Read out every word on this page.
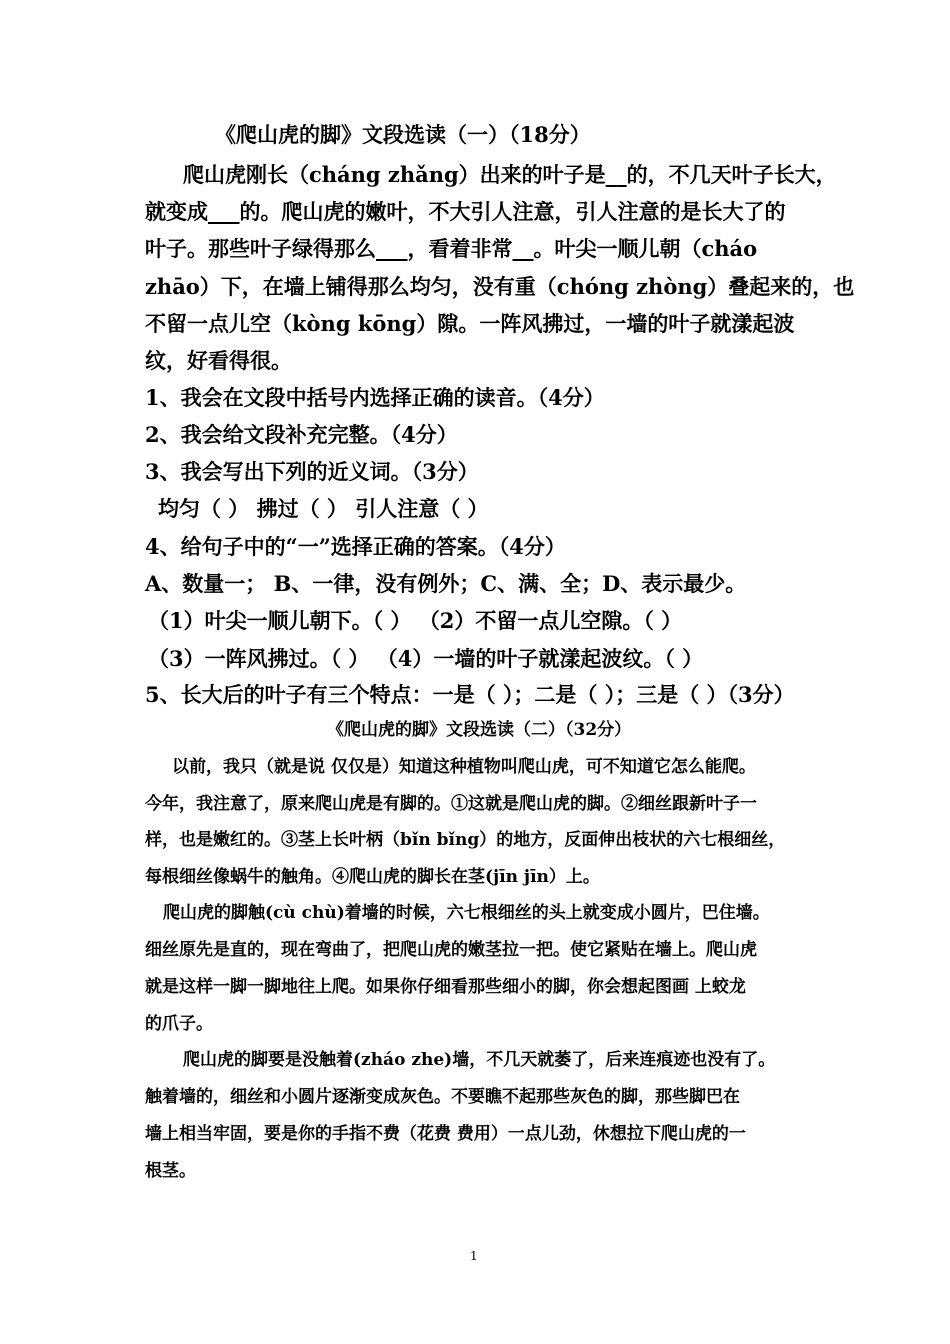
《爬山虎的脚》文段选读（一）（18分）
爬山虎刚长（cháng zhǎng）出来的叶子是__的，不几天叶子长大，
就变成___的。爬山虎的嫩叶，不大引人注意，引人注意的是长大了的
叶子。那些叶子绿得那么___，看着非常__。叶尖一顺儿朝（cháo
zhāo）下，在墙上铺得那么均匀，没有重（chóng zhòng）叠起来的，也
不留一点儿空（kòng kōng）隙。一阵风拂过，一墙的叶子就漾起波
纹，好看得很。
1、我会在文段中括号内选择正确的读音。（4分）
2、我会给文段补充完整。（4分）
3、我会写出下列的近义词。（3分）
均匀（ ） 拂过（ ） 引人注意（ ）
4、给句子中的“一”选择正确的答案。（4分）
A、数量一； B、一律，没有例外；C、满、全；D、表示最少。
（1）叶尖一顺儿朝下。（ ） （2）不留一点儿空隙。（ ）
（3）一阵风拂过。（ ） （4）一墙的叶子就漾起波纹。（ ）
5、长大后的叶子有三个特点：一是（ ）；二是（ ）；三是（ ）（3分）
《爬山虎的脚》文段选读（二）（32分）
以前，我只（就是说 仅仅是）知道这种植物叫爬山虎，可不知道它怎么能爬。
今年，我注意了，原来爬山虎是有脚的。①这就是爬山虎的脚。②细丝跟新叶子一
样，也是嫩红的。③茎上长叶柄（bǐn bǐng）的地方，反面伸出枝状的六七根细丝，
每根细丝像蜗牛的触角。④爬山虎的脚长在茎(jīn jīn）上。
爬山虎的脚触(cù chù)着墙的时候，六七根细丝的头上就变成小圆片，巴住墙。
细丝原先是直的，现在弯曲了，把爬山虎的嫩茎拉一把。使它紧贴在墙上。爬山虎
就是这样一脚一脚地往上爬。如果你仔细看那些细小的脚，你会想起图画 上蛟龙
的爪子。
爬山虎的脚要是没触着(zháo zhe)墙，不几天就萎了，后来连痕迹也没有了。
触着墙的，细丝和小圆片逐渐变成灰色。不要瞧不起那些灰色的脚，那些脚巴在
墙上相当牢固，要是你的手指不费（花费 费用）一点儿劲，休想拉下爬山虎的一
根茎。
1
